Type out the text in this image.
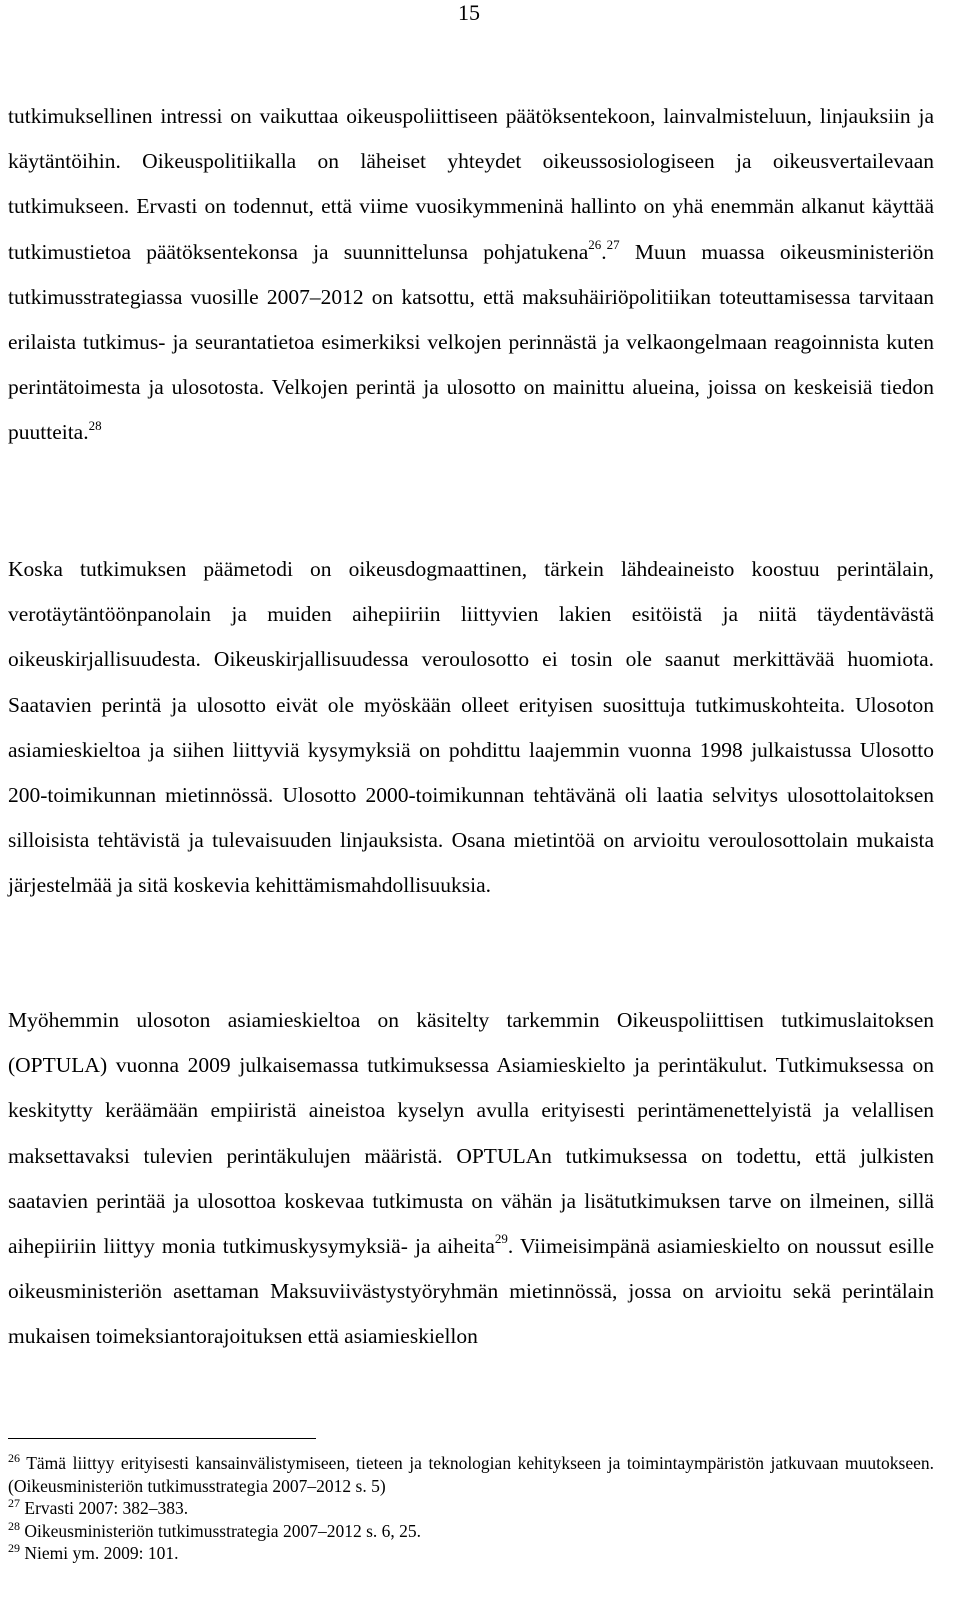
15

tutkimuksellinen intressi on vaikuttaa oikeuspoliittiseen päätöksentekoon, lainvalmisteluun, linjauksiin ja käytäntöihin. Oikeuspolitiikalla on läheiset yhteydet oikeussosiologiseen ja oikeusvertailevaan tutkimukseen. Ervasti on todennut, että viime vuosikymmeninä hallinto on yhä enemmän alkanut käyttää tutkimustietoa päätöksentekonsa ja suunnittelunsa pohjatukena$^{26}$.$^{27}$ Muun muassa oikeusministeriön tutkimusstrategiassa vuosille 2007–2012 on katsottu, että maksuhäiriöpolitiikan toteuttamisessa tarvitaan erilaista tutkimus- ja seurantatietoa esimerkiksi velkojen perinnästä ja velkaongelmaan reagoinnista kuten perintätoimesta ja ulosotosta. Velkojen perintä ja ulosotto on mainittu alueina, joissa on keskeisiä tiedon puutteita.$^{28}$

Koska tutkimuksen päämetodi on oikeusdogmaattinen, tärkein lähdeaineisto koostuu perintälain, verotäytäntöönpanolain ja muiden aihepiiriin liittyvien lakien esitöistä ja niitä täydentävästä oikeuskirjallisuudesta. Oikeuskirjallisuudessa veroulosotto ei tosin ole saanut merkittävää huomiota. Saatavien perintä ja ulosotto eivät ole myöskään olleet erityisen suosittuja tutkimuskohteita. Ulosoton asiamieskieltoa ja siihen liittyviä kysymyksiä on pohdittu laajemmin vuonna 1998 julkaistussa Ulosotto 200-toimikunnan mietinnössä. Ulosotto 2000-toimikunnan tehtävänä oli laatia selvitys ulosottolaitoksen silloisista tehtävistä ja tulevaisuuden linjauksista. Osana mietintöä on arvioitu veroulosottolain mukaista järjestelmää ja sitä koskevia kehittämismahdollisuuksia.

Myöhemmin ulosoton asiamieskieltoa on käsitelty tarkemmin Oikeuspoliittisen tutkimuslaitoksen (OPTULA) vuonna 2009 julkaisemassa tutkimuksessa Asiamieskielto ja perintäkulut. Tutkimuksessa on keskitytty keräämään empiiristä aineistoa kyselyn avulla erityisesti perintämenettelyistä ja velallisen maksettavaksi tulevien perintäkulujen määristä. OPTULAn tutkimuksessa on todettu, että julkisten saatavien perintää ja ulosottoa koskevaa tutkimusta on vähän ja lisätutkimuksen tarve on ilmeinen, sillä aihepiiriin liittyy monia tutkimuskysymyksiä- ja aiheita$^{29}$. Viimeisimpänä asiamieskielto on noussut esille oikeusministeriön asettaman Maksuviivästystyöryhmän mietinnössä, jossa on arvioitu sekä perintälain mukaisen toimeksiantorajoituksen että asiamieskiellon

$^{26}$ Tämä liittyy erityisesti kansainvälistymiseen, tieteen ja teknologian kehitykseen ja toimintaympäristön jatkuvaan muutokseen. (Oikeusministeriön tutkimusstrategia 2007–2012 s. 5)

$^{27}$ Ervasti 2007: 382–383.

$^{28}$ Oikeusministeriön tutkimusstrategia 2007–2012 s. 6, 25.

$^{29}$ Niemi ym. 2009: 101.
